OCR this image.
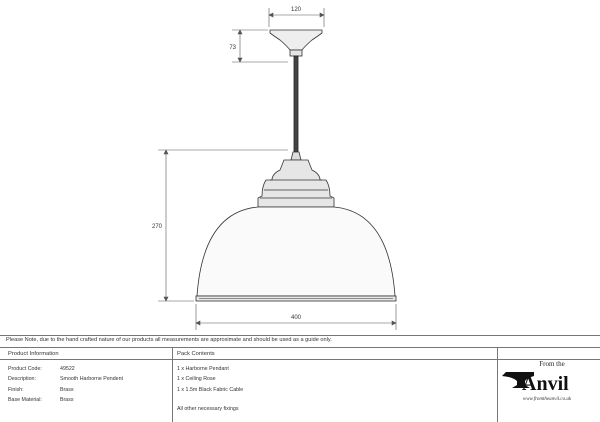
120
73
270
400
Please Note, due to the hand crafted nature of our products all measurements are approximate and should be used as a guide only.
Product Information	Pack Contents
Product Code:	49522
Description:	Smooth Harborne Pendent
Finish:	Brass
Base Material:	Brass
1 x Harborne Pendant
1 x Ceiling Rose
1 x 1.5m Black Fabric Cable
All other necessary fixings
From the
Anvil
www.fromtheanvil.co.uk
